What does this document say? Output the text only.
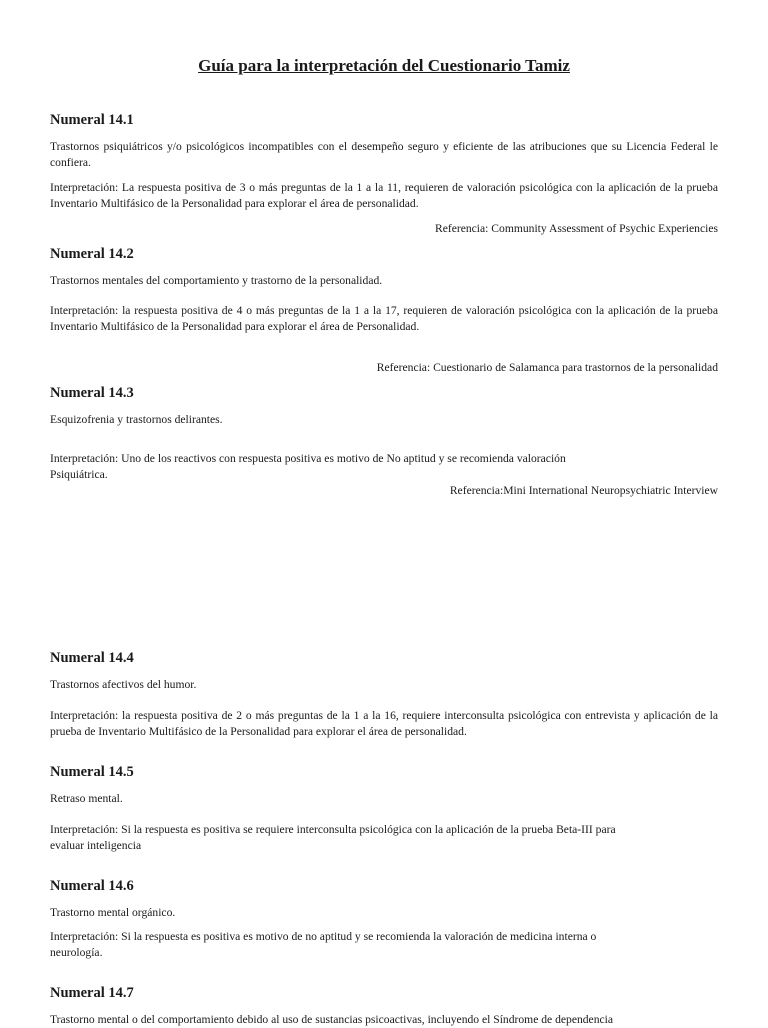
Guía para la interpretación del Cuestionario Tamiz
Numeral 14.1

Trastornos psiquiátricos y/o psicológicos incompatibles con el desempeño seguro y eficiente de las atribuciones que su Licencia Federal le confiera.

Interpretación: La respuesta positiva de 3 o más preguntas de la 1 a la 11, requieren de valoración psicológica con la aplicación de la prueba Inventario Multifásico de la Personalidad para explorar el área de personalidad.

Referencia: Community Assessment of Psychic Experiencies

Numeral 14.2

Trastornos mentales del comportamiento y trastorno de la personalidad.

Interpretación: la respuesta positiva de 4 o más preguntas de la 1 a la 17, requieren de valoración psicológica con la aplicación de la prueba Inventario Multifásico de la Personalidad para explorar el área de Personalidad.

Referencia: Cuestionario de Salamanca para trastornos de la personalidad

Numeral 14.3

Esquizofrenia y trastornos delirantes.

Interpretación: Uno de los reactivos con respuesta positiva es motivo de No aptitud y se recomienda valoración

Psiquiátrica.

Referencia:Mini International Neuropsychiatric Interview

Numeral 14.4

Trastornos afectivos del humor.

Interpretación: la respuesta positiva de 2 o más preguntas de la 1 a la 16, requiere interconsulta psicológica con entrevista y aplicación de la prueba de Inventario Multifásico de la Personalidad para explorar el área de personalidad.

Numeral 14.5

Retraso mental.

Interpretación: Si la respuesta es positiva se requiere interconsulta psicológica con la aplicación de la prueba Beta-III para

evaluar inteligencia

Numeral 14.6

Trastorno mental orgánico.

Interpretación: Si la respuesta es positiva es motivo de no aptitud y se recomienda la valoración de medicina interna o

neurología.

Numeral 14.7

Trastorno mental o del comportamiento debido al uso de sustancias psicoactivas, incluyendo el Síndrome de dependencia
